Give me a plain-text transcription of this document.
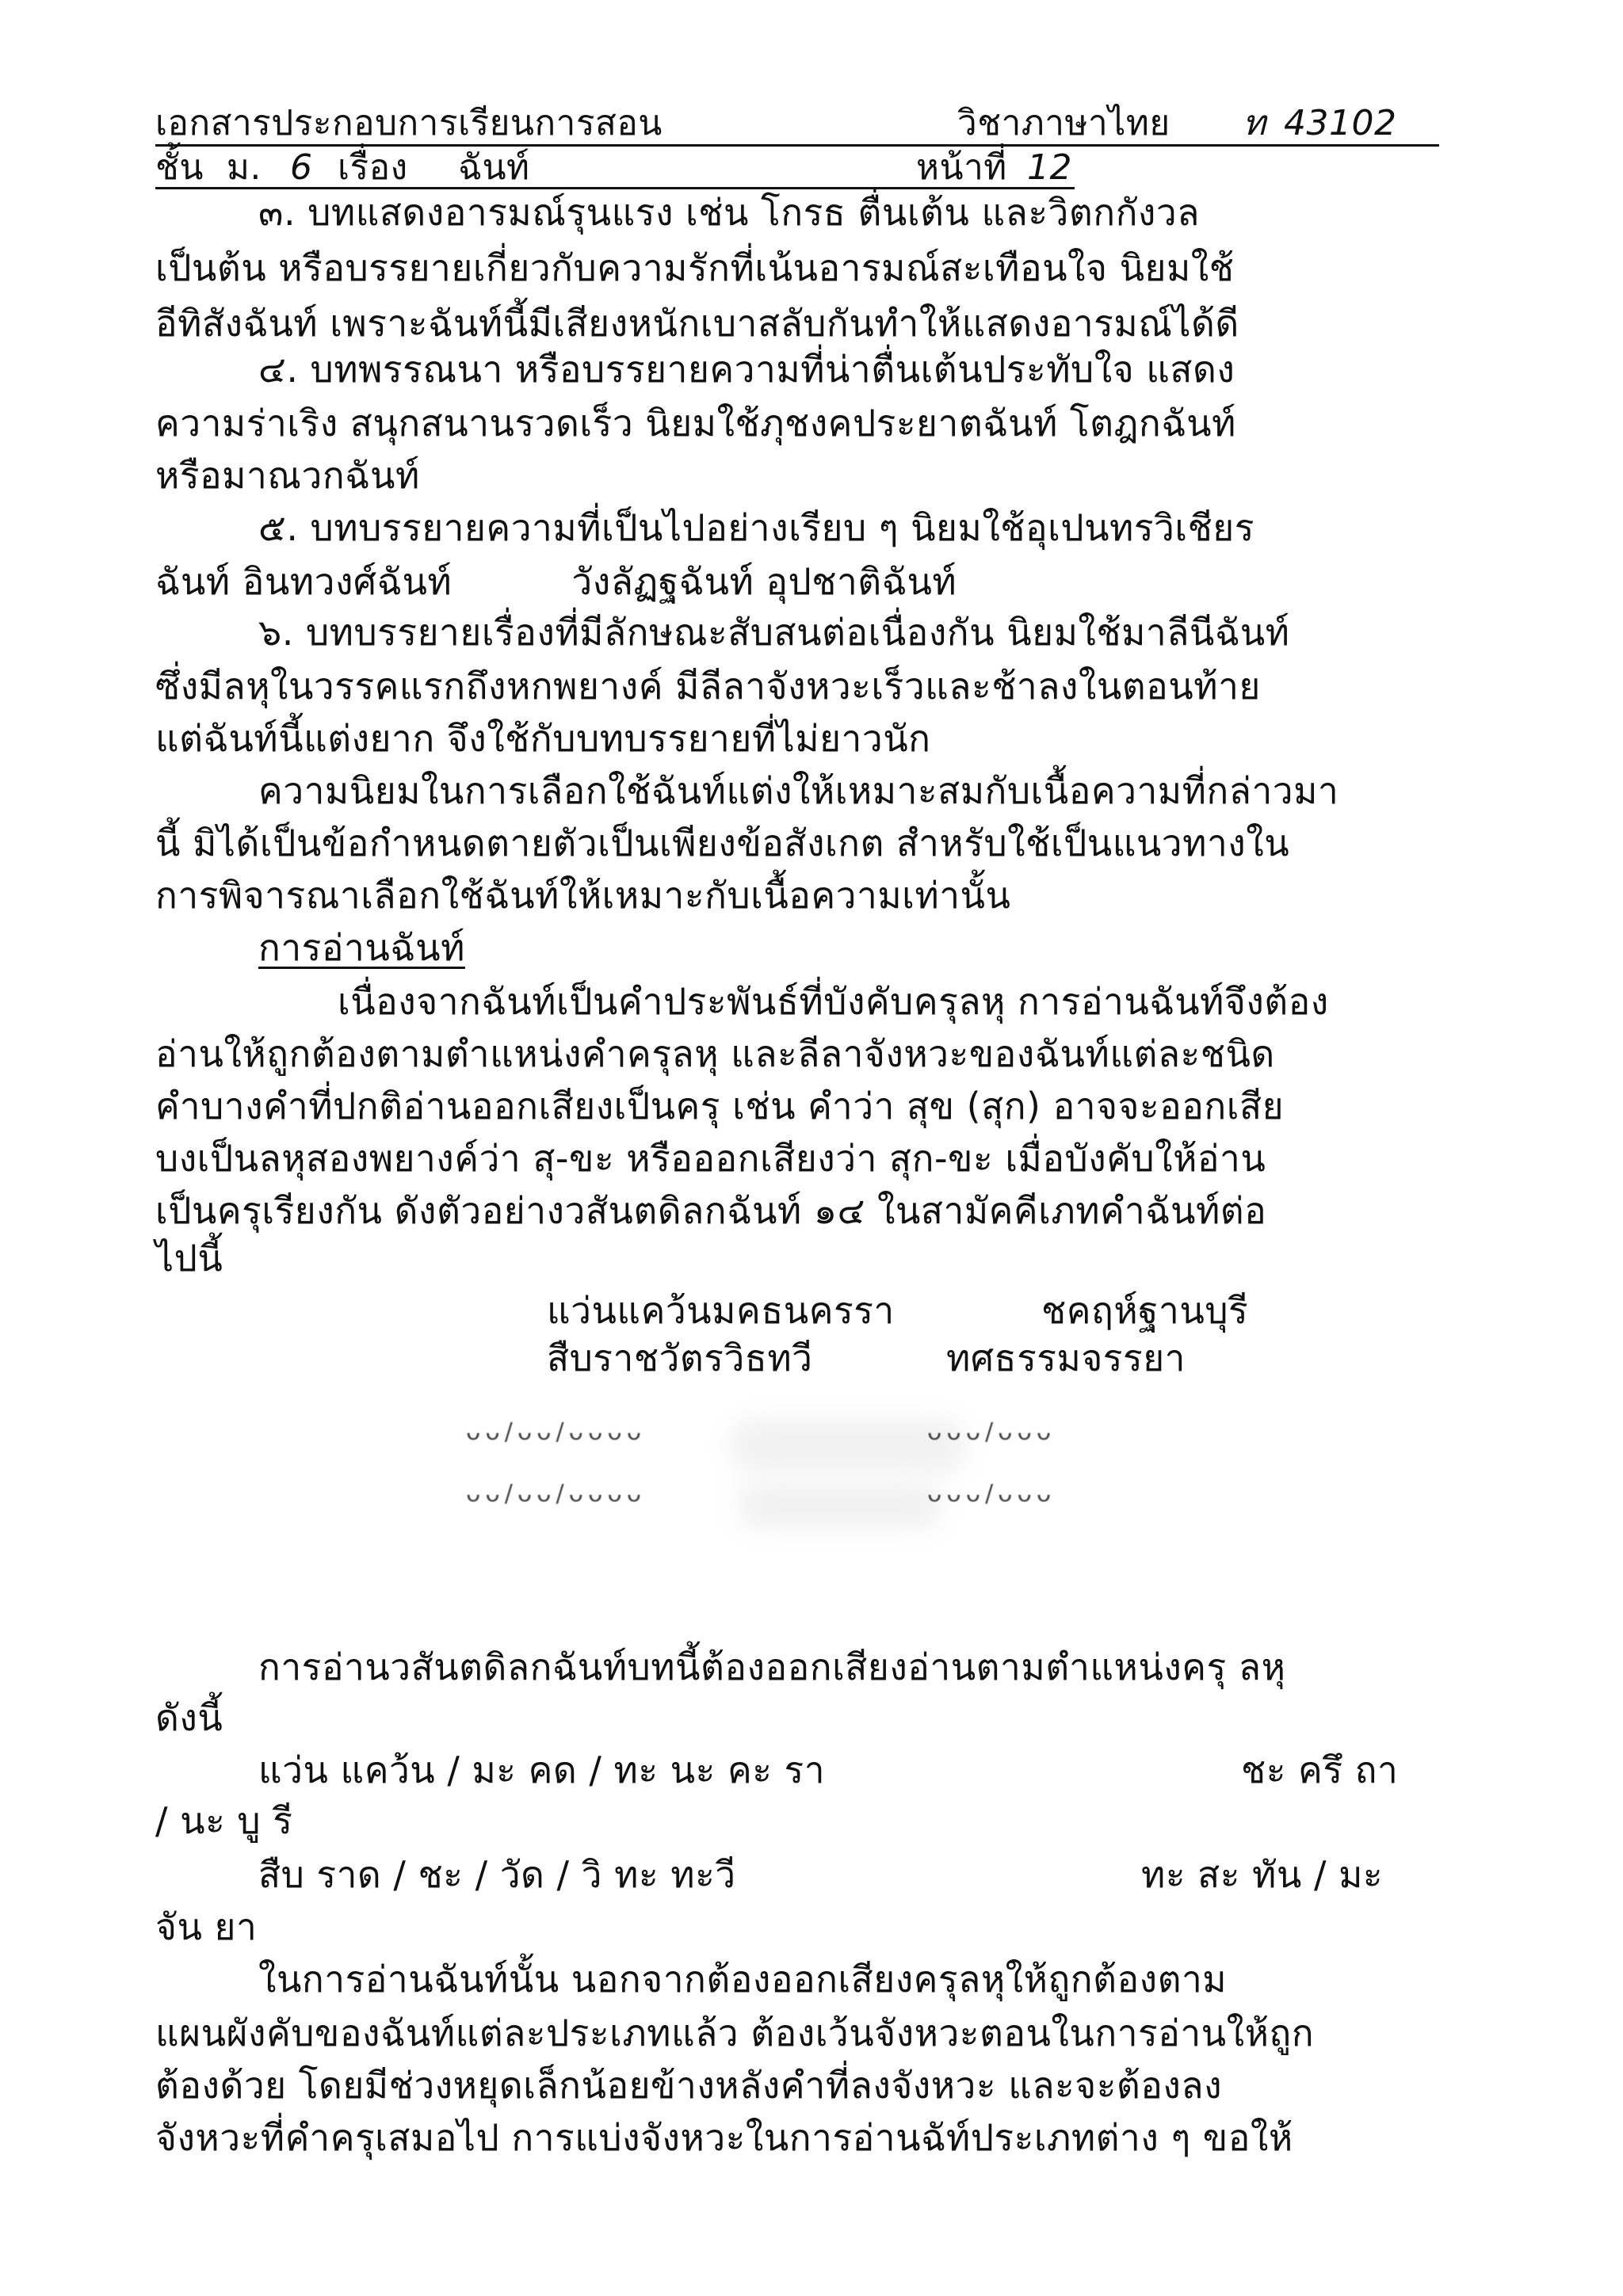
เอกสารประกอบการเรียนการสอน	วิชาภาษาไทย ท 43102
ชั้น  ม. 6 เรื่อง ฉันท์	หน้าที่ 12
๓. บทแสดงอารมณ์รุนแรง เช่น โกรธ ตื่นเต้น และวิตกกังวล
เป็นต้น หรือบรรยายเกี่ยวกับความรักที่เน้นอารมณ์สะเทือนใจ นิยมใช้
อีทิสังฉันท์ เพราะฉันท์นี้มีเสียงหนักเบาสลับกันทำให้แสดงอารมณ์ได้ดี
๔. บทพรรณนา หรือบรรยายความที่น่าตื่นเต้นประทับใจ แสดง
ความร่าเริง สนุกสนานรวดเร็ว นิยมใช้ภุชงคประยาตฉันท์ โตฎกฉันท์
หรือมาณวกฉันท์
๕. บทบรรยายความที่เป็นไปอย่างเรียบ ๆ นิยมใช้อุเปนทรวิเชียร
ฉันท์ อินทวงศ์ฉันท์          วังลัฏฐฉันท์ อุปชาติฉันท์
๖. บทบรรยายเรื่องที่มีลักษณะสับสนต่อเนื่องกัน นิยมใช้มาลีนีฉันท์
ซึ่งมีลหุในวรรคแรกถึงหกพยางค์ มีลีลาจังหวะเร็วและช้าลงในตอนท้าย
แต่ฉันท์นี้แต่งยาก จึงใช้กับบทบรรยายที่ไม่ยาวนัก
ความนิยมในการเลือกใช้ฉันท์แต่งให้เหมาะสมกับเนื้อความที่กล่าวมา
นี้ มิได้เป็นข้อกำหนดตายตัวเป็นเพียงข้อสังเกต สำหรับใช้เป็นแนวทางใน
การพิจารณาเลือกใช้ฉันท์ให้เหมาะกับเนื้อความเท่านั้น
การอ่านฉันท์
เนื่องจากฉันท์เป็นคำประพันธ์ที่บังคับครุลหุ การอ่านฉันท์จึงต้อง
อ่านให้ถูกต้องตามตำแหน่งคำครุลหุ และลีลาจังหวะของฉันท์แต่ละชนิด
คำบางคำที่ปกติอ่านออกเสียงเป็นครุ เช่น คำว่า สุข (สุก) อาจจะออกเสีย
บงเป็นลหุสองพยางค์ว่า สุ-ขะ หรือออกเสียงว่า สุก-ขะ เมื่อบังคับให้อ่าน
เป็นครุเรียงกัน ดังตัวอย่างวสันตดิลกฉันท์ ๑๔ ในสามัคคีเภทคำฉันท์ต่อ
ไปนี้
แว่นแคว้นมคธนครรา	ชคฤห์ฐานบุรี
สืบราชวัตรวิธทวี	ทศธรรมจรรยา
ᴗᴗ/ᴗᴗ/ᴗᴗᴗᴗ	ᴗᴗᴗ/ᴗᴗᴗ
ᴗᴗ/ᴗᴗ/ᴗᴗᴗᴗ	ᴗᴗᴗ/ᴗᴗᴗ
การอ่านวสันตดิลกฉันท์บทนี้ต้องออกเสียงอ่านตามตำแหน่งครุ ลหุ
ดังนี้
แว่น แคว้น / มะ คด / ทะ นะ คะ รา	ชะ ครึ ถา
/ นะ บู รี
สืบ ราด / ชะ / วัด / วิ ทะ ทะวี	ทะ สะ ทัน / มะ
จัน ยา
ในการอ่านฉันท์นั้น นอกจากต้องออกเสียงครุลหุให้ถูกต้องตาม
แผนผังคับของฉันท์แต่ละประเภทแล้ว ต้องเว้นจังหวะตอนในการอ่านให้ถูก
ต้องด้วย โดยมีช่วงหยุดเล็กน้อยข้างหลังคำที่ลงจังหวะ และจะต้องลง
จังหวะที่คำครุเสมอไป การแบ่งจังหวะในการอ่านฉัท์ประเภทต่าง ๆ ขอให้
